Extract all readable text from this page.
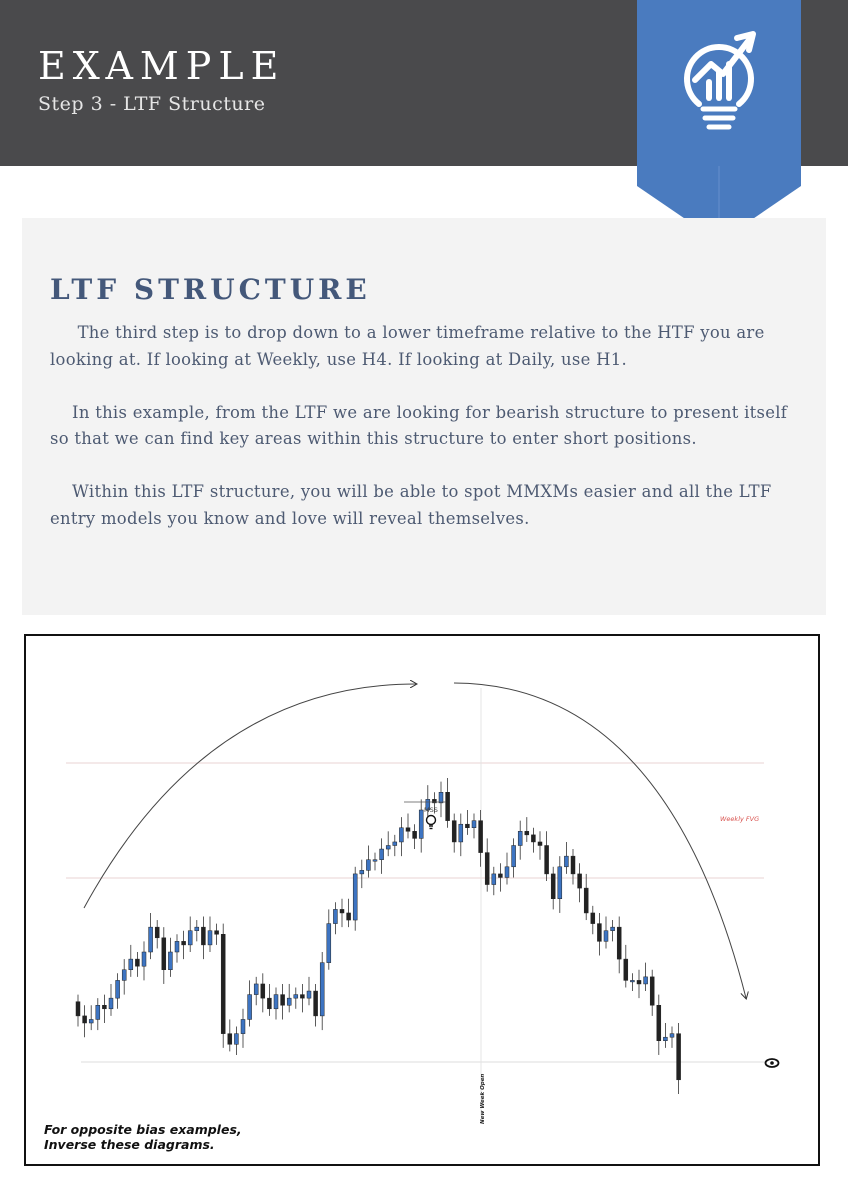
EXAMPLE
Step 3 - LTF Structure
LTF STRUCTURE

The third step is to drop down to a lower timeframe relative to the HTF you are looking at. If looking at Weekly, use H4. If looking at Daily, use H1.

In this example, from the LTF we are looking for bearish structure to present itself so that we can find key areas within this structure to enter short positions.

Within this LTF structure, you will be able to spot MMXMs easier and all the LTF entry models you know and love will reveal themselves.

MSS
Weekly FVG
New Week Open
For opposite bias examples,
Inverse these diagrams.
